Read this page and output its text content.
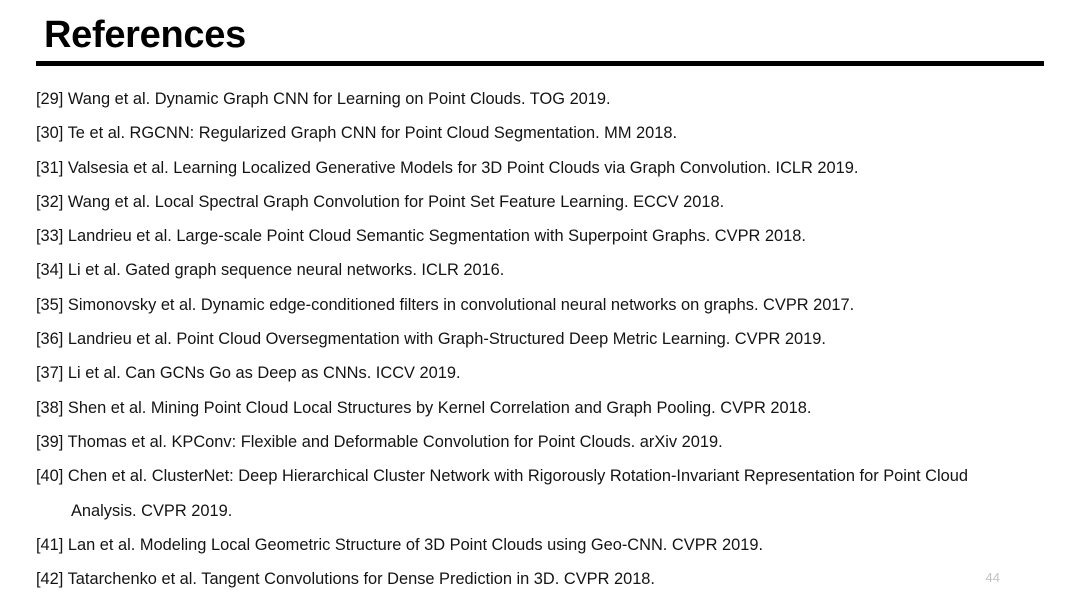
References
[29] Wang et al. Dynamic Graph CNN for Learning on Point Clouds. TOG 2019.
[30] Te et al. RGCNN: Regularized Graph CNN for Point Cloud Segmentation. MM 2018.
[31] Valsesia et al. Learning Localized Generative Models for 3D Point Clouds via Graph Convolution. ICLR 2019.
[32] Wang et al. Local Spectral Graph Convolution for Point Set Feature Learning. ECCV 2018.
[33] Landrieu et al. Large-scale Point Cloud Semantic Segmentation with Superpoint Graphs. CVPR 2018.
[34] Li et al. Gated graph sequence neural networks. ICLR 2016.
[35] Simonovsky et al. Dynamic edge-conditioned filters in convolutional neural networks on graphs. CVPR 2017.
[36] Landrieu et al. Point Cloud Oversegmentation with Graph-Structured Deep Metric Learning. CVPR 2019.
[37] Li et al. Can GCNs Go as Deep as CNNs. ICCV 2019.
[38] Shen et al. Mining Point Cloud Local Structures by Kernel Correlation and Graph Pooling. CVPR 2018.
[39] Thomas et al. KPConv: Flexible and Deformable Convolution for Point Clouds. arXiv 2019.
[40] Chen et al. ClusterNet: Deep Hierarchical Cluster Network with Rigorously Rotation-Invariant Representation for Point Cloud Analysis. CVPR 2019.
[41] Lan et al. Modeling Local Geometric Structure of 3D Point Clouds using Geo-CNN. CVPR 2019.
[42] Tatarchenko et al. Tangent Convolutions for Dense Prediction in 3D. CVPR 2018.	44
